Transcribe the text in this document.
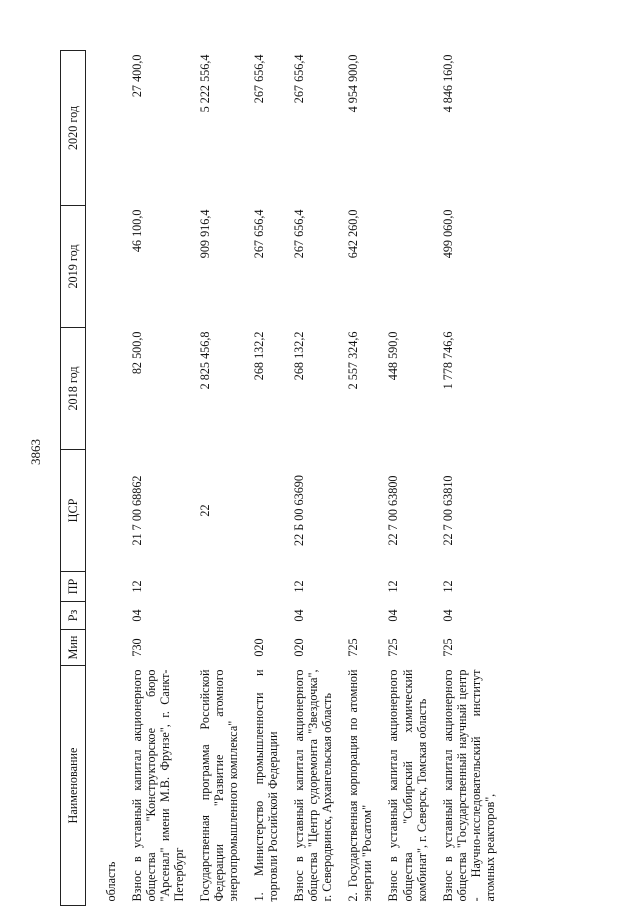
3863
Наименование	Мин	Рз	ПР	ЦСР	2018 год	2019 год	2020 год

область							
Взнос в уставный капитал акционерного общества "Конструкторское бюро "Арсенал" имени М.В. Фрунзе", г. Санкт-Петербург	730	04	12	21 7 00 68862	82 500,0	46 100,0	27 400,0
Государственная программа Российской Федерации "Развитие атомного энергопромышленного комплекса"				22	2 825 456,8	909 916,4	5 222 556,4
1. Министерство промышленности и торговли Российской Федерации	020				268 132,2	267 656,4	267 656,4
Взнос в уставный капитал акционерного общества "Центр судоремонта "Звездочка", г. Северодвинск, Архангельская область	020	04	12	22 Б 00 63690	268 132,2	267 656,4	267 656,4
2. Государственная корпорация по атомной энергии "Росатом"	725				2 557 324,6	642 260,0	4 954 900,0
Взнос в уставный капитал акционерного общества "Сибирский химический комбинат", г. Северск, Томская область	725	04	12	22 7 00 63800	448 590,0		
Взнос в уставный капитал акционерного общества "Государственный научный центр - Научно-исследовательский институт атомных реакторов",	725	04	12	22 7 00 63810	1 778 746,6	499 060,0	4 846 160,0
